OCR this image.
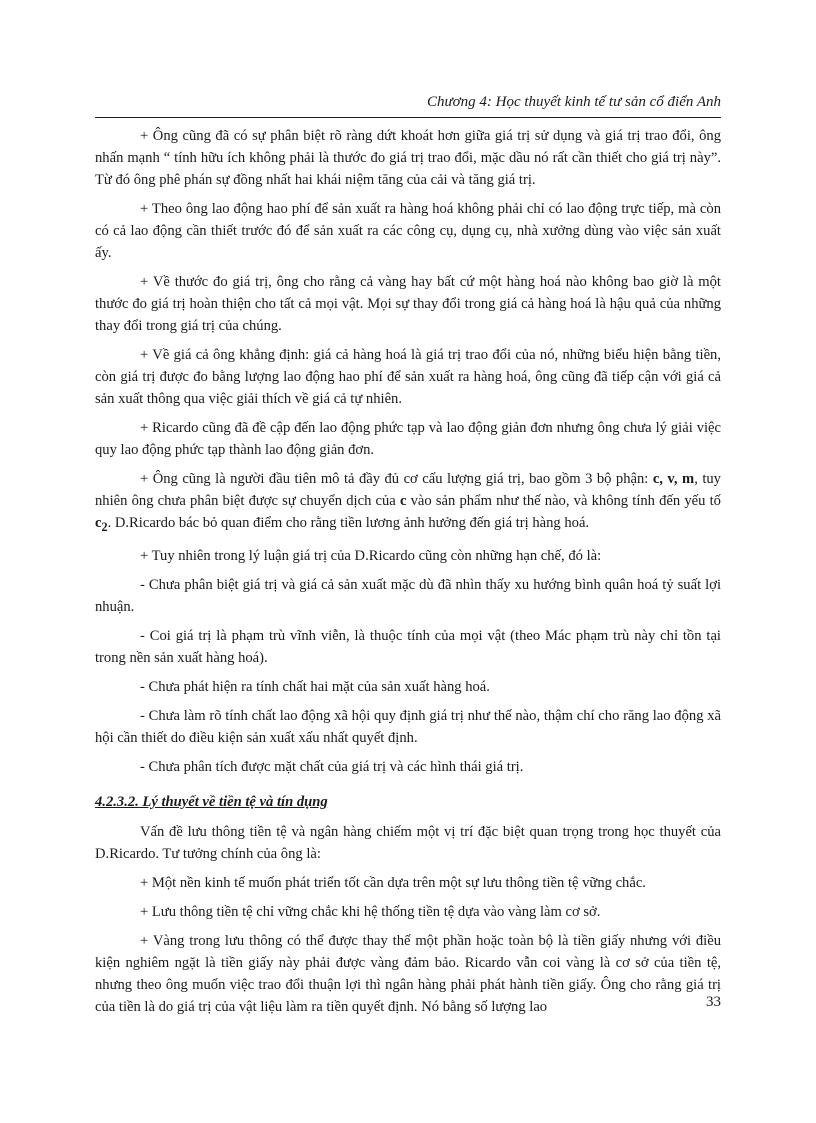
Chương 4: Học thuyết kinh tế tư sản cổ điển Anh

+ Ông cũng đã có sự phân biệt rõ ràng dứt khoát hơn giữa giá trị sử dụng và giá trị trao đổi, ông nhấn mạnh “ tính hữu ích không phải là thước đo giá trị trao đổi, mặc dầu nó rất cần thiết cho giá trị này”. Từ đó ông phê phán sự đồng nhất hai khái niệm tăng của cải và tăng giá trị.

+ Theo ông lao động hao phí để sản xuất ra hàng hoá không phải chỉ có lao động trực tiếp, mà còn có cả lao động cần thiết trước đó để sản xuất ra các công cụ, dụng cụ, nhà xưởng dùng vào việc sản xuất ấy.

+ Về thước đo giá trị, ông cho rằng cả vàng hay bất cứ một hàng hoá nào không bao giờ là một thước đo giá trị hoàn thiện cho tất cả mọi vật. Mọi sự thay đổi trong giá cả hàng hoá là hậu quả của những thay đổi trong giá trị của chúng.

+ Về giá cả ông khẳng định: giá cả hàng hoá là giá trị trao đổi của nó, những biểu hiện bằng tiền, còn giá trị được đo bằng lượng lao động hao phí để sản xuất ra hàng hoá, ông cũng đã tiếp cận với giá cả sản xuất thông qua việc giải thích về giá cả tự nhiên.

+ Ricardo cũng đã đề cập đến lao động phức tạp và lao động giản đơn nhưng ông chưa lý giải việc quy lao động phức tạp thành lao động giản đơn.

+ Ông cũng là người đầu tiên mô tả đầy đủ cơ cấu lượng giá trị, bao gồm 3 bộ phận: c, v, m, tuy nhiên ông chưa phân biệt được sự chuyển dịch của c vào sản phẩm như thế nào, và không tính đến yếu tố $c_2$. D.Ricardo bác bỏ quan điểm cho rằng tiền lương ảnh hưởng đến giá trị hàng hoá.

+ Tuy nhiên trong lý luận giá trị của D.Ricardo cũng còn những hạn chế, đó là:

- Chưa phân biệt giá trị và giá cả sản xuất mặc dù đã nhìn thấy xu hướng bình quân hoá tỷ suất lợi nhuận.

- Coi giá trị là phạm trù vĩnh viễn, là thuộc tính của mọi vật (theo Mác phạm trù này chỉ tồn tại trong nền sản xuất hàng hoá).

- Chưa phát hiện ra tính chất hai mặt của sản xuất hàng hoá.

- Chưa làm rõ tính chất lao động xã hội quy định giá trị như thế nào, thậm chí cho răng lao động xã hội cần thiết do điều kiện sản xuất xấu nhất quyết định.

- Chưa phân tích được mặt chất của giá trị và các hình thái giá trị.

4.2.3.2. Lý thuyết về tiền tệ và tín dụng

Vấn đề lưu thông tiền tệ và ngân hàng chiếm một vị trí đặc biệt quan trọng trong học thuyết của D.Ricardo. Tư tưởng chính của ông là:

+ Một nền kinh tế muốn phát triển tốt cần dựa trên một sự lưu thông tiền tệ vững chắc.

+ Lưu thông tiền tệ chỉ vững chắc khi hệ thống tiền tệ dựa vào vàng làm cơ sở.

+ Vàng trong lưu thông có thể được thay thế một phần hoặc toàn bộ là tiền giấy nhưng với điều kiện nghiêm ngặt là tiền giấy này phải được vàng đảm bảo. Ricardo vẫn coi vàng là cơ sở của tiền tệ, nhưng theo ông muốn việc trao đổi thuận lợi thì ngân hàng phải phát hành tiền giấy. Ông cho rằng giá trị của tiền là do giá trị của vật liệu làm ra tiền quyết định. Nó bằng số lượng lao	33
